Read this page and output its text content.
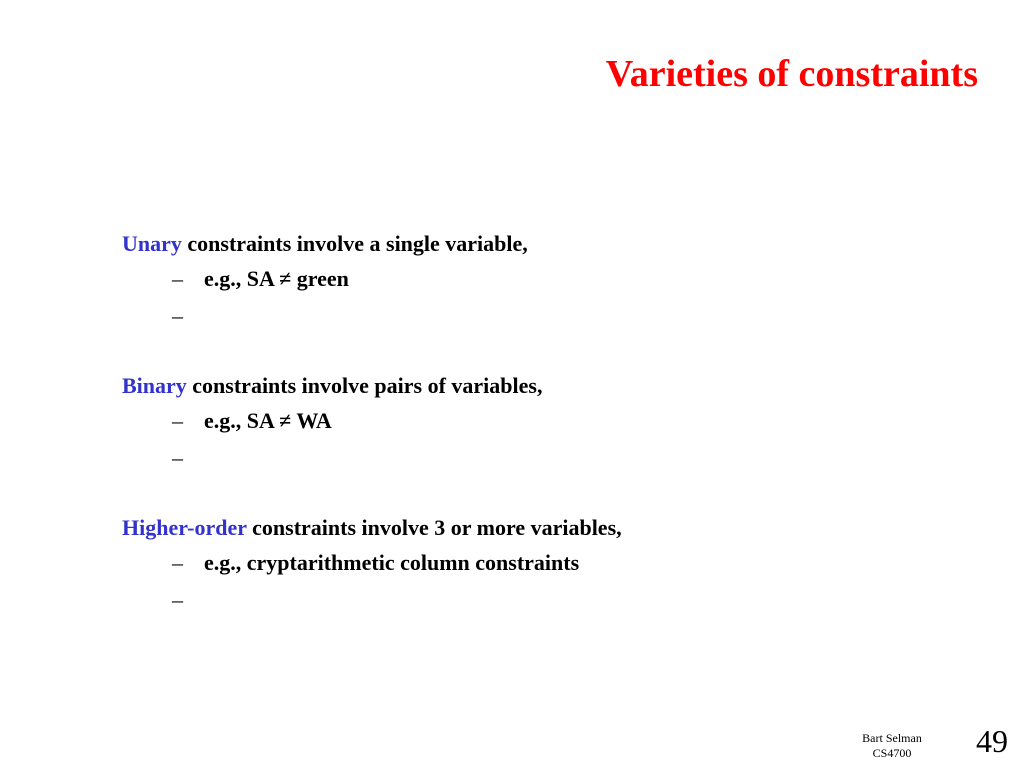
Varieties of constraints
Unary constraints involve a single variable,
– e.g., SA ≠ green
–
Binary constraints involve pairs of variables,
– e.g., SA ≠ WA
–
Higher-order constraints involve 3 or more variables,
– e.g., cryptarithmetic column constraints
–
Bart Selman
CS4700	49
